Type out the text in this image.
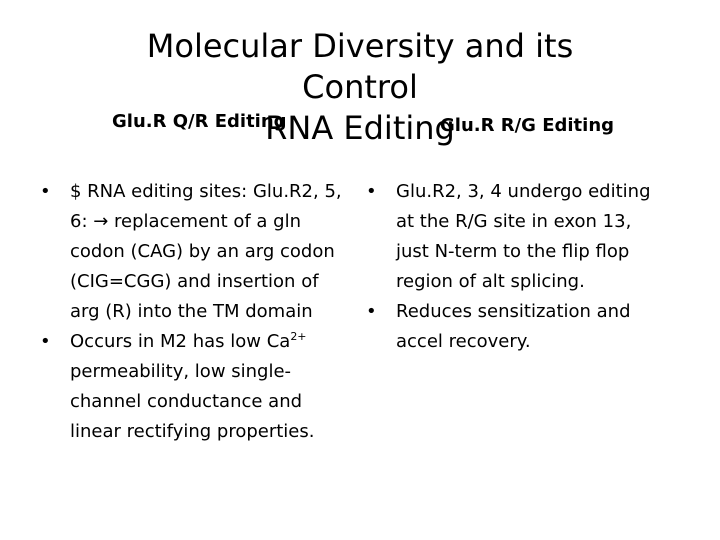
Molecular Diversity and its Control
RNA Editing
Glu.R Q/R Editing	Glu.R R/G Editing
•	$ RNA editing sites: Glu.R2, 5, 6: → replacement of a gln codon (CAG) by an arg codon (CIG=CGG) and insertion of arg (R) into the TM domain
•	Occurs in M2 has low $Ca^{2+}$ permeability, low single-channel conductance and linear rectifying properties.
•	Glu.R2, 3, 4 undergo editing at the R/G site in exon 13, just N-term to the flip flop region of alt splicing.
•	Reduces sensitization and accel recovery.
